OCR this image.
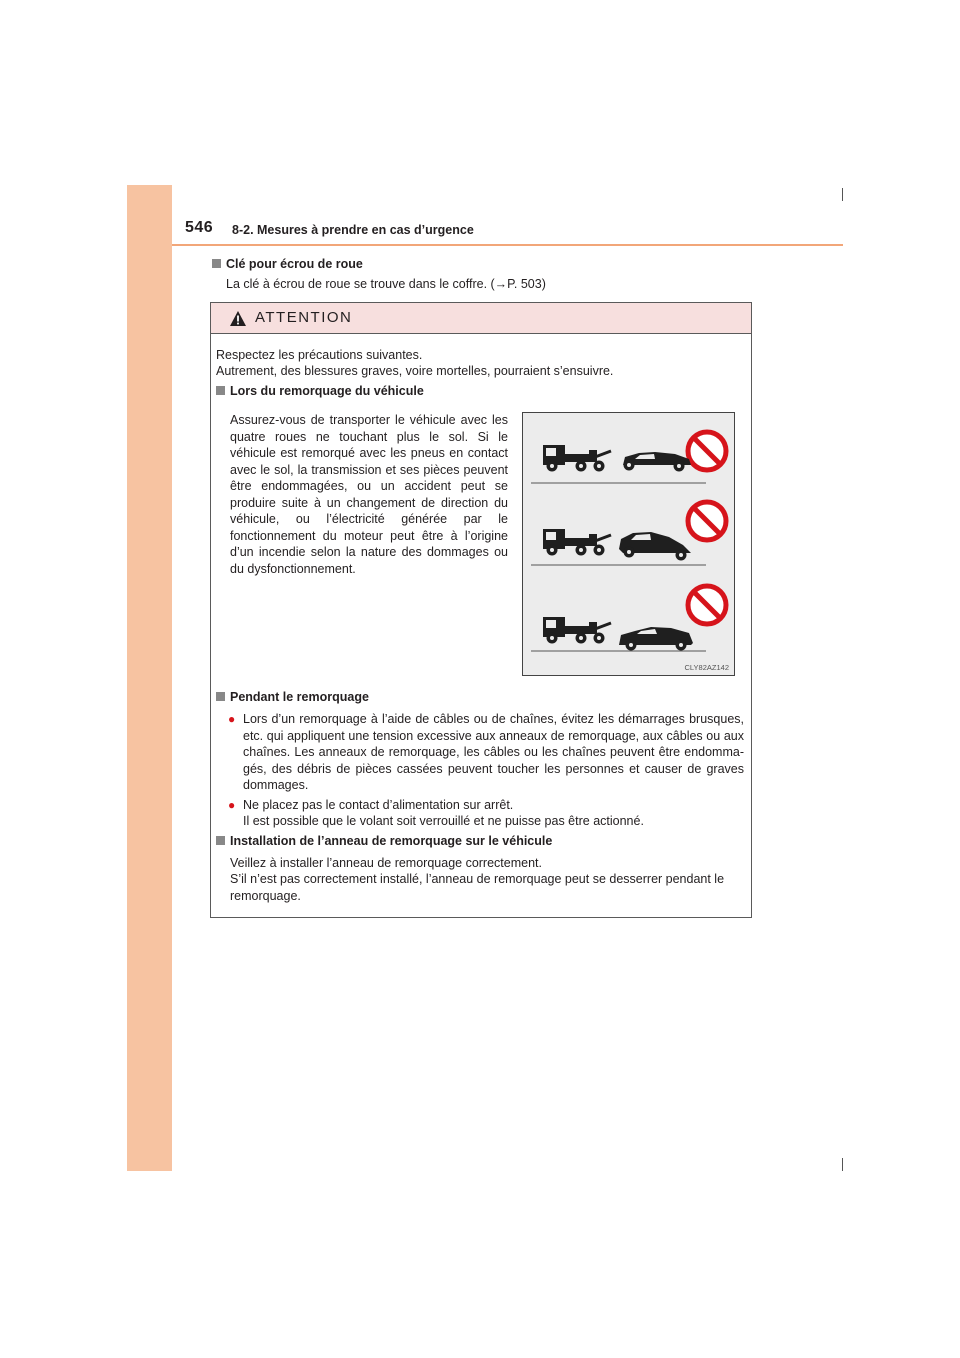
546 8-2. Mesures à prendre en cas d’urgence
Clé pour écrou de roue
La clé à écrou de roue se trouve dans le coffre. (→P. 503)
ATTENTION
Respectez les précautions suivantes.
Autrement, des blessures graves, voire mortelles, pourraient s’ensuivre.
Lors du remorquage du véhicule
Assurez-vous de transporter le véhicule avec les quatre roues ne touchant plus le sol. Si le véhicule est remorqué avec les pneus en contact avec le sol, la transmission et ses pièces peuvent être endommagées, ou un accident peut se produire suite à un changement de direction du véhicule, ou l’électricité générée par le fonctionnement du moteur peut être à l’origine d’un incendie selon la nature des dommages ou du dysfonctionnement.
Pendant le remorquage
● Lors d’un remorquage à l’aide de câbles ou de chaînes, évitez les démarrages brusques, etc. qui appliquent une tension excessive aux anneaux de remorquage, aux câbles ou aux chaînes. Les anneaux de remorquage, les câbles ou les chaînes peuvent être endomma-gés, des débris de pièces cassées peuvent toucher les personnes et causer de graves dommages.
● Ne placez pas le contact d’alimentation sur arrêt.
Il est possible que le volant soit verrouillé et ne puisse pas être actionné.
Installation de l’anneau de remorquage sur le véhicule
Veillez à installer l’anneau de remorquage correctement.
S’il n’est pas correctement installé, l’anneau de remorquage peut se desserrer pendant le remorquage.
CLY82AZ142
